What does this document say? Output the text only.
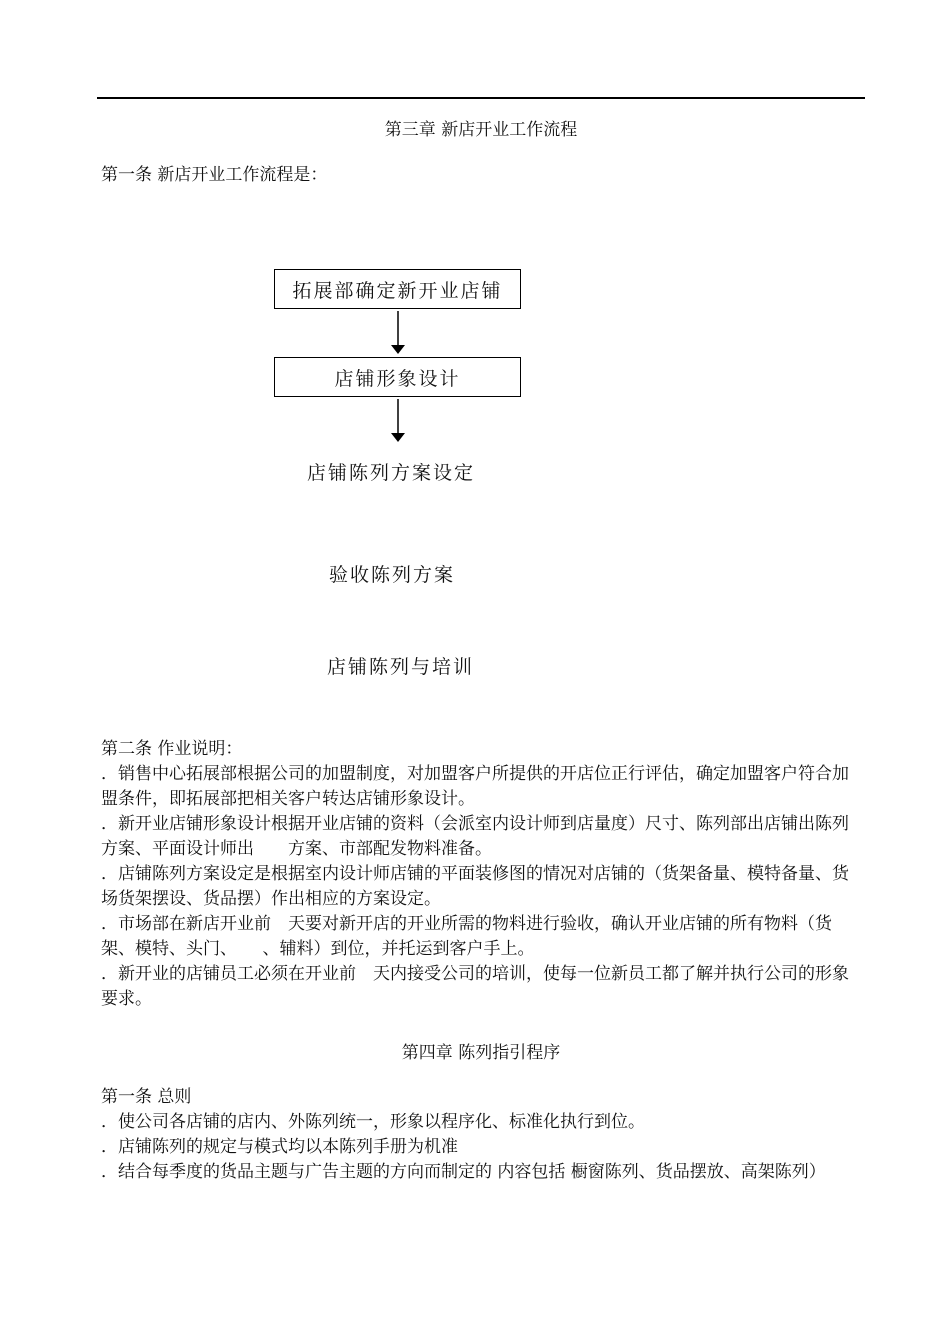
第三章 新店开业工作流程
第一条 新店开业工作流程是：
拓展部确定新开业店铺
店铺形象设计
店铺陈列方案设定
验收陈列方案
店铺陈列与培训
第二条 作业说明：
．销售中心拓展部根据公司的加盟制度，对加盟客户所提供的开店位正行评估，确定加盟客户符合加盟条件，即拓展部把相关客户转达店铺形象设计。
．新开业店铺形象设计根据开业店铺的资料（会派室内设计师到店量度）尺寸、陈列部出店铺出陈列方案、平面设计师出　　方案、市部配发物料准备。
．店铺陈列方案设定是根据室内设计师店铺的平面装修图的情况对店铺的（货架备量、模特备量、货场货架摆设、货品摆）作出相应的方案设定。
．市场部在新店开业前　天要对新开店的开业所需的物料进行验收，确认开业店铺的所有物料（货架、模特、头门、　　、辅料）到位，并托运到客户手上。
．新开业的店铺员工必须在开业前　天内接受公司的培训，使每一位新员工都了解并执行公司的形象要求。
第四章 陈列指引程序
第一条 总则
．使公司各店铺的店内、外陈列统一，形象以程序化、标准化执行到位。
．店铺陈列的规定与模式均以本陈列手册为机准
．结合每季度的货品主题与广告主题的方向而制定的 内容包括 橱窗陈列、货品摆放、高架陈列）
